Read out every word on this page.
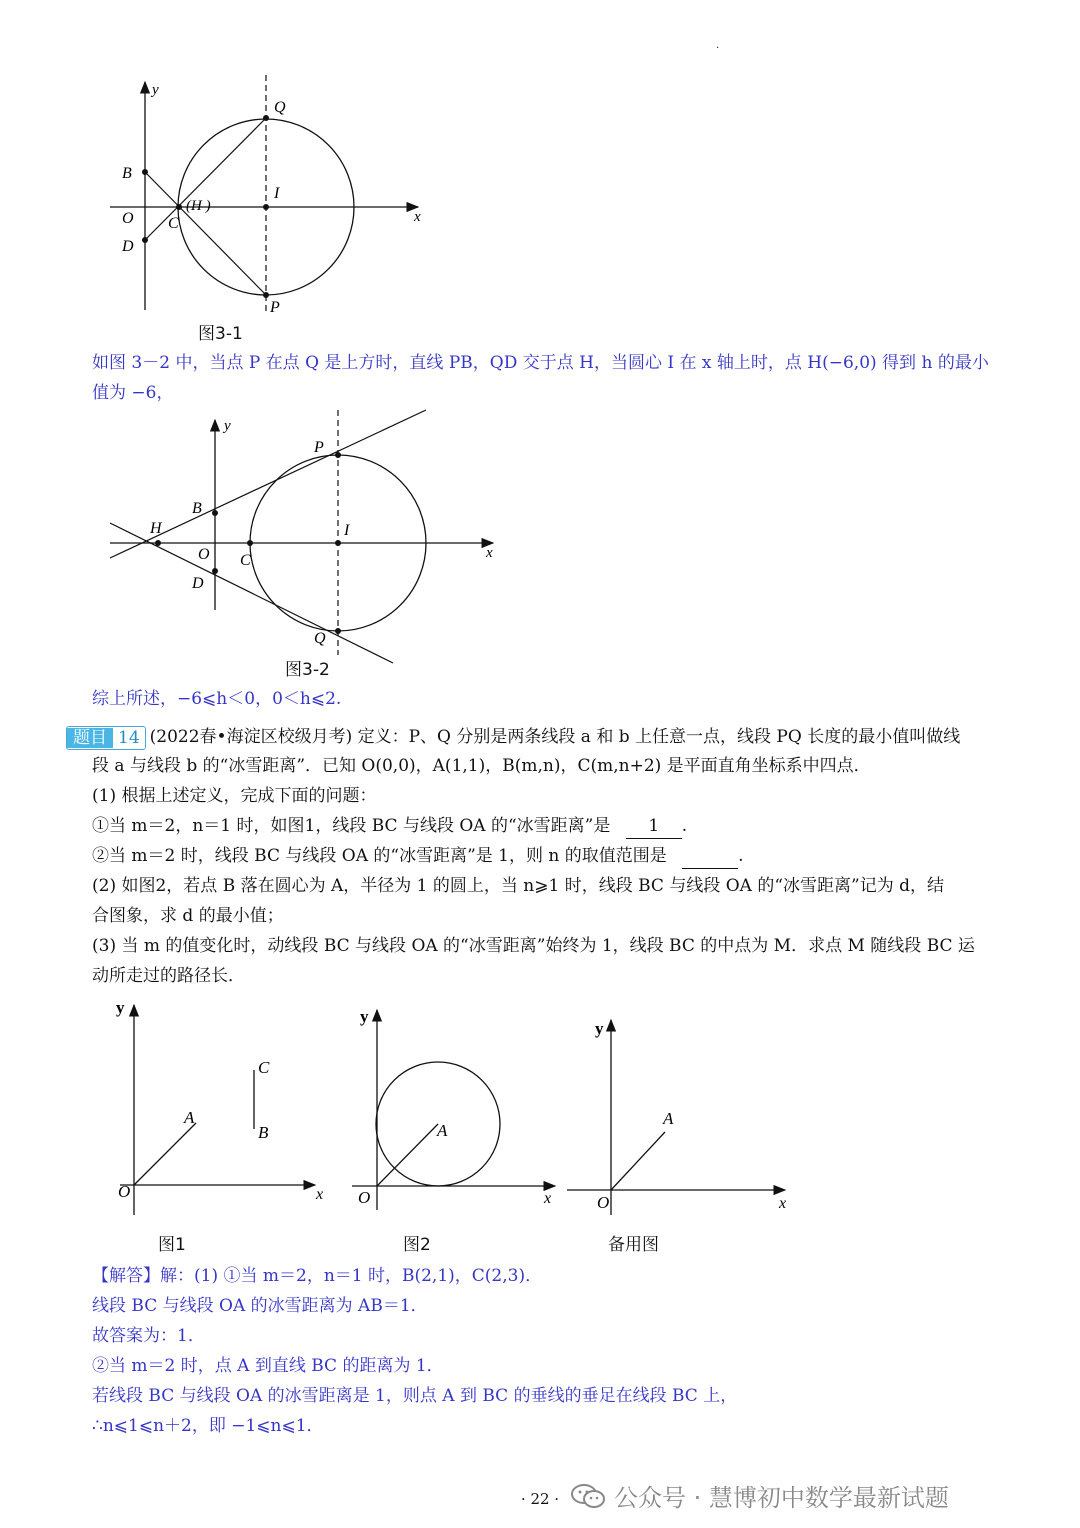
.
B
O
D
C
(H )
I
Q
P
y
x
图3-1
如图 3－2 中，当点 P 在点 Q 是上方时，直线 PB，QD 交于点 H，当圆心 I 在 x 轴上时，点 H(−6,0) 得到 h 的最小
值为 −6，
H
B
O
D
C
I
P
Q
y
x
图3-2
综上所述，−6⩽h＜0，0＜h⩽2.
题目 14 (2022春•海淀区校级月考) 定义：P、Q 分别是两条线段 a 和 b 上任意一点，线段 PQ 长度的最小值叫做线
段 a 与线段 b 的“冰雪距离”．已知 O(0,0)，A(1,1)，B(m,n)，C(m,n+2) 是平面直角坐标系中四点．
(1) 根据上述定义，完成下面的问题：
①当 m＝2，n＝1 时，如图1，线段 BC 与线段 OA 的“冰雪距离”是 1 .
②当 m＝2 时，线段 BC 与线段 OA 的“冰雪距离”是 1，则 n 的取值范围是	.
(2) 如图2，若点 B 落在圆心为 A，半径为 1 的圆上，当 n⩾1 时，线段 BC 与线段 OA 的“冰雪距离”记为 d，结
合图象，求 d 的最小值；
(3) 当 m 的值变化时，动线段 BC 与线段 OA 的“冰雪距离”始终为 1，线段 BC 的中点为 M．求点 M 随线段 BC 运
动所走过的路径长．
y
O	x
A
C
B
图1
y
O	x
A
图2
y
O	x
A
备用图
【解答】解：(1) ①当 m＝2，n＝1 时，B(2,1)，C(2,3)．
线段 BC 与线段 OA 的冰雪距离为 AB＝1．
故答案为：1．
②当 m＝2 时，点 A 到直线 BC 的距离为 1．
若线段 BC 与线段 OA 的冰雪距离是 1，则点 A 到 BC 的垂线的垂足在线段 BC 上，
∴n⩽1⩽n＋2，即 −1⩽n⩽1．
公众号 · 慧博初中数学最新试题
· 22 ·
